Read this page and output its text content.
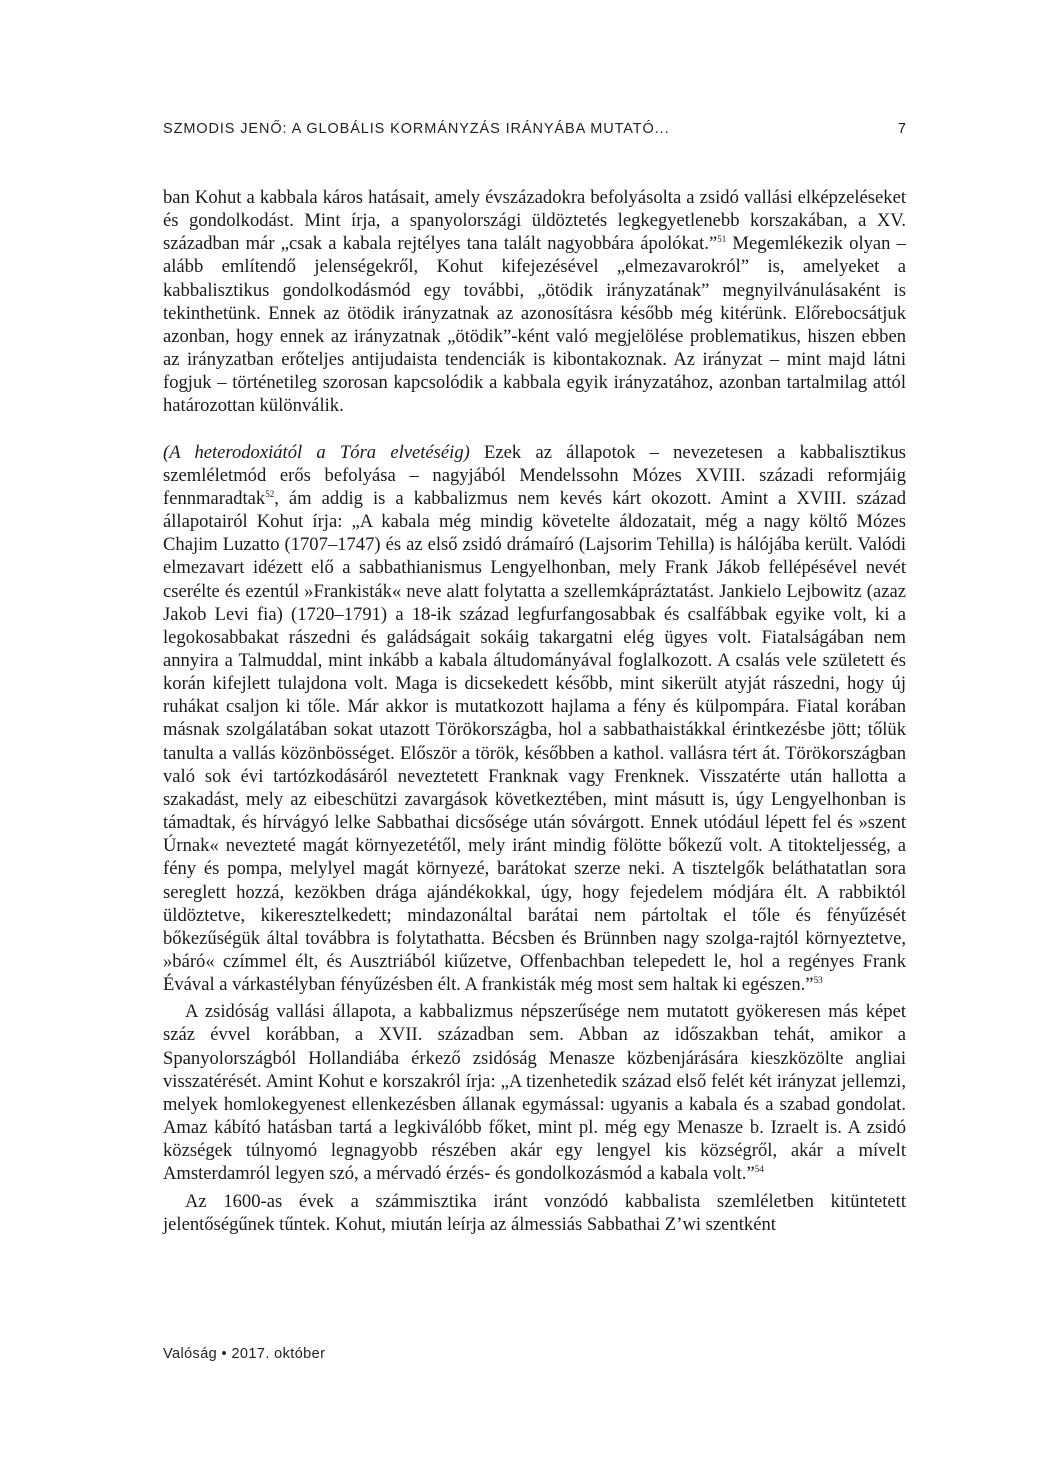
SZMODIS JENŐ: A GLOBÁLIS KORMÁNYZÁS IRÁNYÁBA MUTATÓ...	7

ban Kohut a kabbala káros hatásait, amely évszázadokra befolyásolta a zsidó vallási elképzeléseket és gondolkodást. Mint írja, a spanyolországi üldöztetés legkegyetlenebb korszakában, a XV. században már „csak a kabala rejtélyes tana talált nagyobbára ápolókat.”$^{51}$ Megemlékezik olyan – alább említendő jelenségekről, Kohut kifejezésével „elmezavarokról” is, amelyeket a kabbalisztikus gondolkodásmód egy további, „ötödik irányzatának” megnyilvánulásaként is tekinthetünk. Ennek az ötödik irányzatnak az azonosításra később még kitérünk. Előrebocsátjuk azonban, hogy ennek az irányzatnak „ötödik”-ként való megjelölése problematikus, hiszen ebben az irányzatban erőteljes antijudaista tendenciák is kibontakoznak. Az irányzat – mint majd látni fogjuk – történetileg szorosan kapcsolódik a kabbala egyik irányzatához, azonban tartalmilag attól határozottan különválik.

(A heterodoxiától a Tóra elvetéséig) Ezek az állapotok – nevezetesen a kabbalisztikus szemléletmód erős befolyása – nagyjából Mendelssohn Mózes XVIII. századi reformjáig fennmaradtak$^{52}$, ám addig is a kabbalizmus nem kevés kárt okozott. Amint a XVIII. század állapotairól Kohut írja: „A kabala még mindig követelte áldozatait, még a nagy költő Mózes Chajim Luzatto (1707–1747) és az első zsidó drámaíró (Lajsorim Tehilla) is hálójába került. Valódi elmezavart idézett elő a sabbathianismus Lengyelhonban, mely Frank Jákob fellépésével nevét cserélte és ezentúl »Frankisták« neve alatt folytatta a szellemkápráztatást. Jankielo Lejbowitz (azaz Jakob Levi fia) (1720–1791) a 18-ik század legfurfangosabbak és csalfábbak egyike volt, ki a legokosabbakat rászedni és galádságait sokáig takargatni elég ügyes volt. Fiatalságában nem annyira a Talmuddal, mint inkább a kabala áltudományával foglalkozott. A csalás vele született és korán kifejlett tulajdona volt. Maga is dicsekedett később, mint sikerült atyját rászedni, hogy új ruhákat csaljon ki tőle. Már akkor is mutatkozott hajlama a fény és külpompára. Fiatal korában másnak szolgálatában sokat utazott Törökországba, hol a sabbathaistákkal érintkezésbe jött; tőlük tanulta a vallás közönbösséget. Először a török, későbben a kathol. vallásra tért át. Törökországban való sok évi tartózkodásáról neveztetett Franknak vagy Frenknek. Visszatérte után hallotta a szakadást, mely az eibeschützi zavargások következtében, mint másutt is, úgy Lengyelhonban is támadtak, és hírvágyó lelke Sabbathai dicsősége után sóvárgott. Ennek utódául lépett fel és »szent Úrnak« nevezteté magát környezetétől, mely iránt mindig fölötte bőkezű volt. A titokteljesség, a fény és pompa, melylyel magát környezé, barátokat szerze neki. A tisztelgők beláthatatlan sora sereglett hozzá, kezökben drága ajándékokkal, úgy, hogy fejedelem módjára élt. A rabbiktól üldöztetve, kikeresztelkedett; mindazonáltal barátai nem pártoltak el tőle és fényűzését bőkezűségük által továbbra is folytathatta. Bécsben és Brünnben nagy szolga-rajtól környeztetve, »báró« czímmel élt, és Ausztriából kiűzetve, Offenbachban telepedett le, hol a regényes Frank Évával a várkastélyban fényűzésben élt. A frankisták még most sem haltak ki egészen.”$^{53}$

A zsidóság vallási állapota, a kabbalizmus népszerűsége nem mutatott gyökeresen más képet száz évvel korábban, a XVII. században sem. Abban az időszakban tehát, amikor a Spanyolországból Hollandiába érkező zsidóság Menasze közbenjárására kieszközölte angliai visszatérését. Amint Kohut e korszakról írja: „A tizenhetedik század első felét két irányzat jellemzi, melyek homlokegyenest ellenkezésben állanak egymással: ugyanis a kabala és a szabad gondolat. Amaz kábító hatásban tartá a legkiválóbb főket, mint pl. még egy Menasze b. Izraelt is. A zsidó községek túlnyomó legnagyobb részében akár egy lengyel kis községről, akár a mívelt Amsterdamról legyen szó, a mérvadó érzés- és gondolkozásmód a kabala volt.”$^{54}$

Az 1600-as évek a számmisztika iránt vonzódó kabbalista szemléletben kitüntetett jelentőségűnek tűntek. Kohut, miután leírja az álmessiás Sabbathai Z’wi szentként

Valóság • 2017. október
